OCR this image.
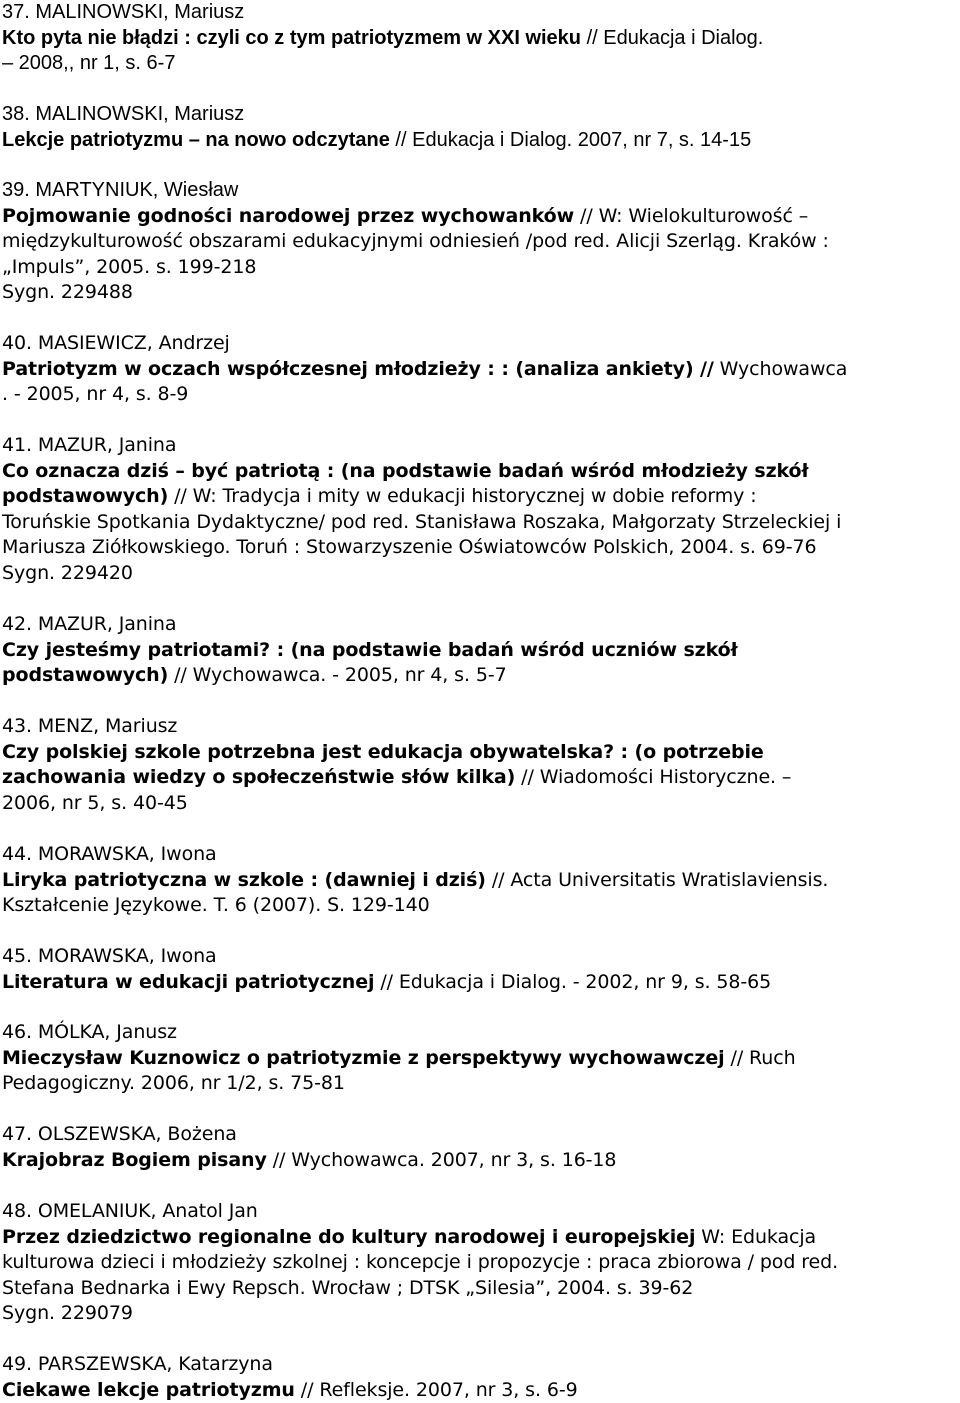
37. MALINOWSKI, Mariusz
Kto pyta nie błądzi : czyli co z tym patriotyzmem w XXI wieku // Edukacja i Dialog.
– 2008,, nr 1, s. 6-7
38. MALINOWSKI, Mariusz
Lekcje patriotyzmu – na nowo odczytane // Edukacja i Dialog. 2007, nr 7, s. 14-15
39. MARTYNIUK, Wiesław
Pojmowanie godności narodowej przez wychowanków // W: Wielokulturowość –
międzykulturowość obszarami edukacyjnymi odniesień /pod red. Alicji Szerląg. Kraków :
„Impuls”, 2005. s. 199-218
Sygn. 229488
40. MASIEWICZ, Andrzej
Patriotyzm w oczach współczesnej młodzieży : : (analiza ankiety) // Wychowawca
. - 2005, nr 4, s. 8-9
41. MAZUR, Janina
Co oznacza dziś – być patriotą : (na podstawie badań wśród młodzieży szkół
podstawowych) // W: Tradycja i mity w edukacji historycznej w dobie reformy :
Toruńskie Spotkania Dydaktyczne/ pod red. Stanisława Roszaka, Małgorzaty Strzeleckiej i
Mariusza Ziółkowskiego. Toruń : Stowarzyszenie Oświatowców Polskich, 2004. s. 69-76
Sygn. 229420
42. MAZUR, Janina
Czy jesteśmy patriotami? : (na podstawie badań wśród uczniów szkół
podstawowych) // Wychowawca. - 2005, nr 4, s. 5-7
43. MENZ, Mariusz
Czy polskiej szkole potrzebna jest edukacja obywatelska? : (o potrzebie
zachowania wiedzy o społeczeństwie słów kilka) // Wiadomości Historyczne. –
2006, nr 5, s. 40-45
44. MORAWSKA, Iwona
Liryka patriotyczna w szkole : (dawniej i dziś) // Acta Universitatis Wratislaviensis.
Kształcenie Językowe. T. 6 (2007). S. 129-140
45. MORAWSKA, Iwona
Literatura w edukacji patriotycznej // Edukacja i Dialog. - 2002, nr 9, s. 58-65
46. MÓLKA, Janusz
Mieczysław Kuznowicz o patriotyzmie z perspektywy wychowawczej // Ruch
Pedagogiczny. 2006, nr 1/2, s. 75-81
47. OLSZEWSKA, Bożena
Krajobraz Bogiem pisany // Wychowawca. 2007, nr 3, s. 16-18
48. OMELANIUK, Anatol Jan
Przez dziedzictwo regionalne do kultury narodowej i europejskiej W: Edukacja
kulturowa dzieci i młodzieży szkolnej : koncepcje i propozycje : praca zbiorowa / pod red.
Stefana Bednarka i Ewy Repsch. Wrocław ; DTSK „Silesia”, 2004. s. 39-62
Sygn. 229079
49. PARSZEWSKA, Katarzyna
Ciekawe lekcje patriotyzmu // Refleksje. 2007, nr 3, s. 6-9
